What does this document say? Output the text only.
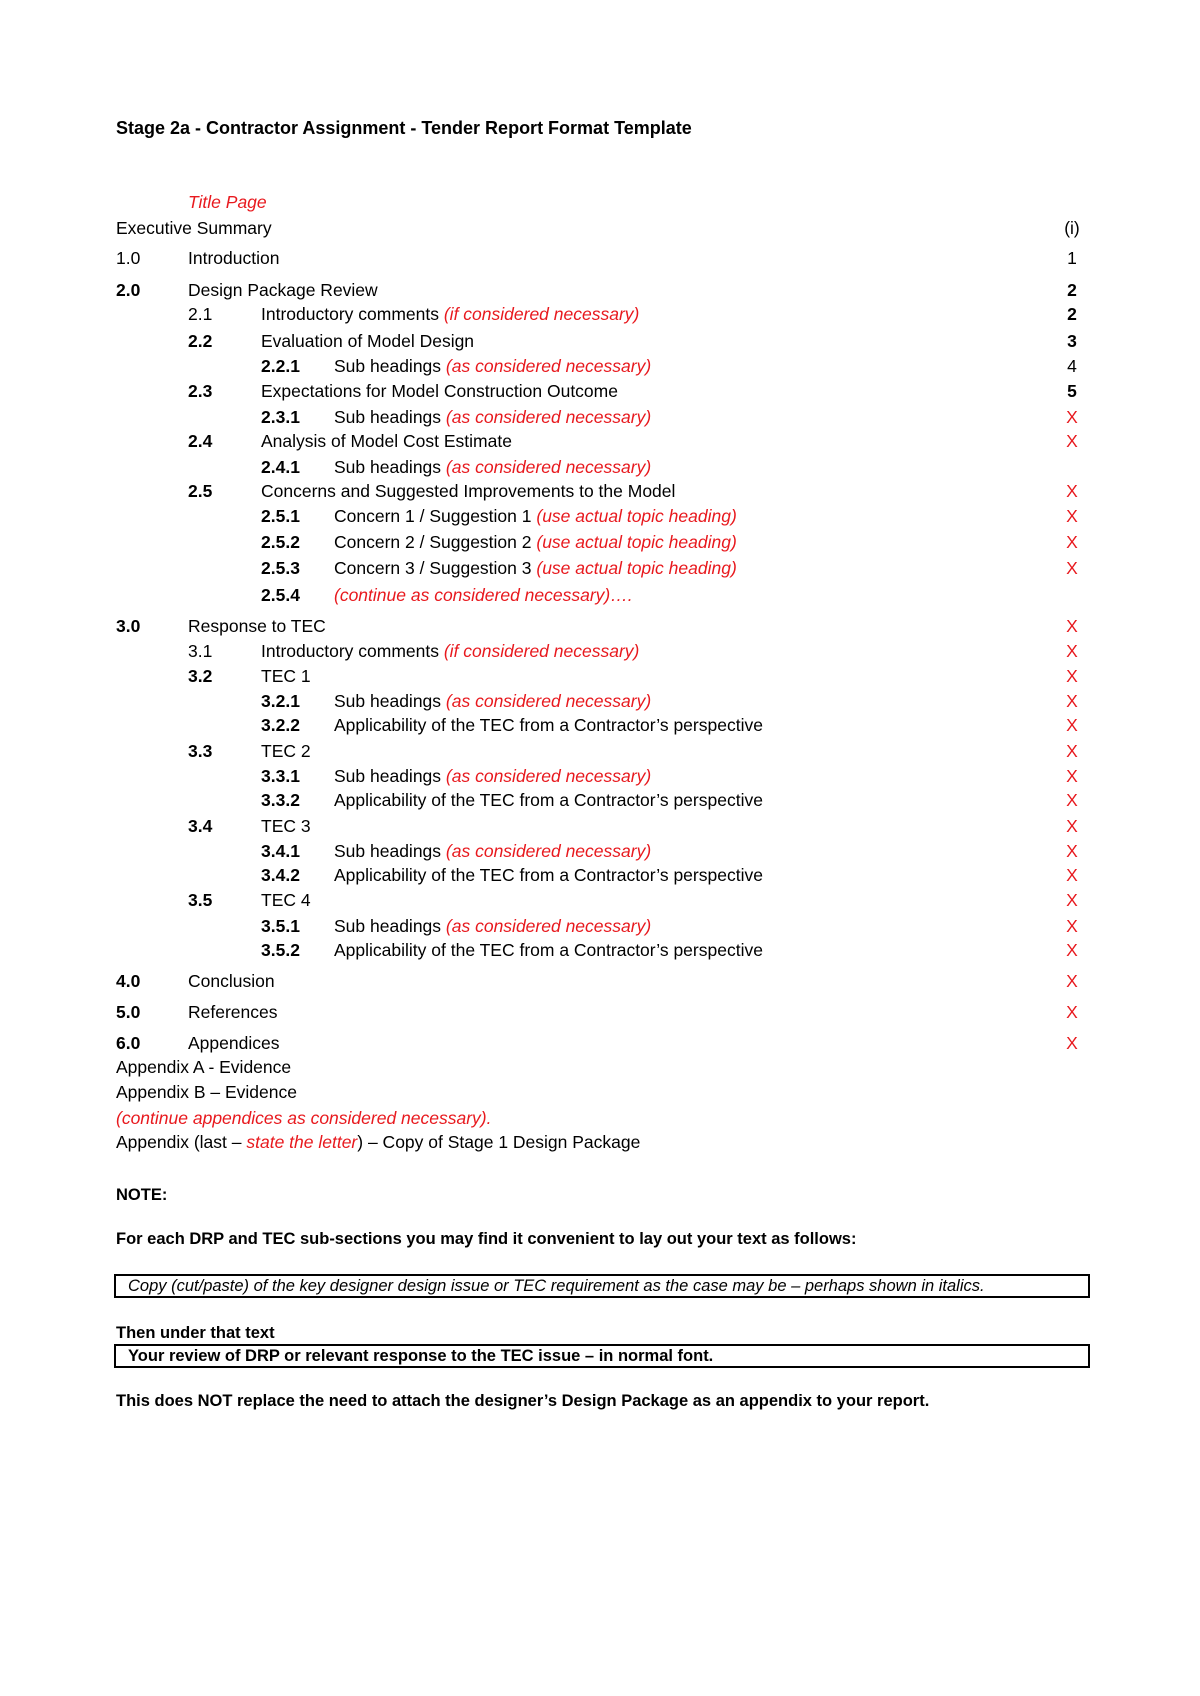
Stage 2a - Contractor Assignment - Tender Report Format Template
Title Page
Executive Summary	(i)
1.0	Introduction	1
2.0	Design Package Review	2
2.1	Introductory comments (if considered necessary)	2
2.2	Evaluation of Model Design	3
2.2.1 Sub headings (as considered necessary)	4
2.3	Expectations for Model Construction Outcome	5
2.3.1 Sub headings (as considered necessary)	X
2.4	Analysis of Model Cost Estimate	X
2.4.1 Sub headings (as considered necessary)
2.5	Concerns and Suggested Improvements to the Model	X
2.5.1 Concern 1 / Suggestion 1 (use actual topic heading)	X
2.5.2 Concern 2 / Suggestion 2 (use actual topic heading)	X
2.5.3 Concern 3 / Suggestion 3 (use actual topic heading)	X
2.5.4 (continue as considered necessary)….
3.0	Response to TEC	X
3.1	Introductory comments (if considered necessary)	X
3.2	TEC 1	X
3.2.1 Sub headings (as considered necessary)	X
3.2.2 Applicability of the TEC from a Contractor’s perspective	X
3.3	TEC 2	X
3.3.1 Sub headings (as considered necessary)	X
3.3.2 Applicability of the TEC from a Contractor’s perspective	X
3.4	TEC 3	X
3.4.1 Sub headings (as considered necessary)	X
3.4.2 Applicability of the TEC from a Contractor’s perspective	X
3.5	TEC 4	X
3.5.1 Sub headings (as considered necessary)	X
3.5.2 Applicability of the TEC from a Contractor’s perspective	X
4.0	Conclusion	X
5.0	References	X
6.0	Appendices	X
Appendix A - Evidence
Appendix B – Evidence
(continue appendices as considered necessary).
Appendix (last – state the letter) – Copy of Stage 1 Design Package
NOTE:
For each DRP and TEC sub-sections you may find it convenient to lay out your text as follows:
Copy (cut/paste) of the key designer design issue or TEC requirement as the case may be – perhaps shown in italics.
Then under that text
Your review of DRP or relevant response to the TEC issue – in normal font.
This does NOT replace the need to attach the designer’s Design Package as an appendix to your report.
